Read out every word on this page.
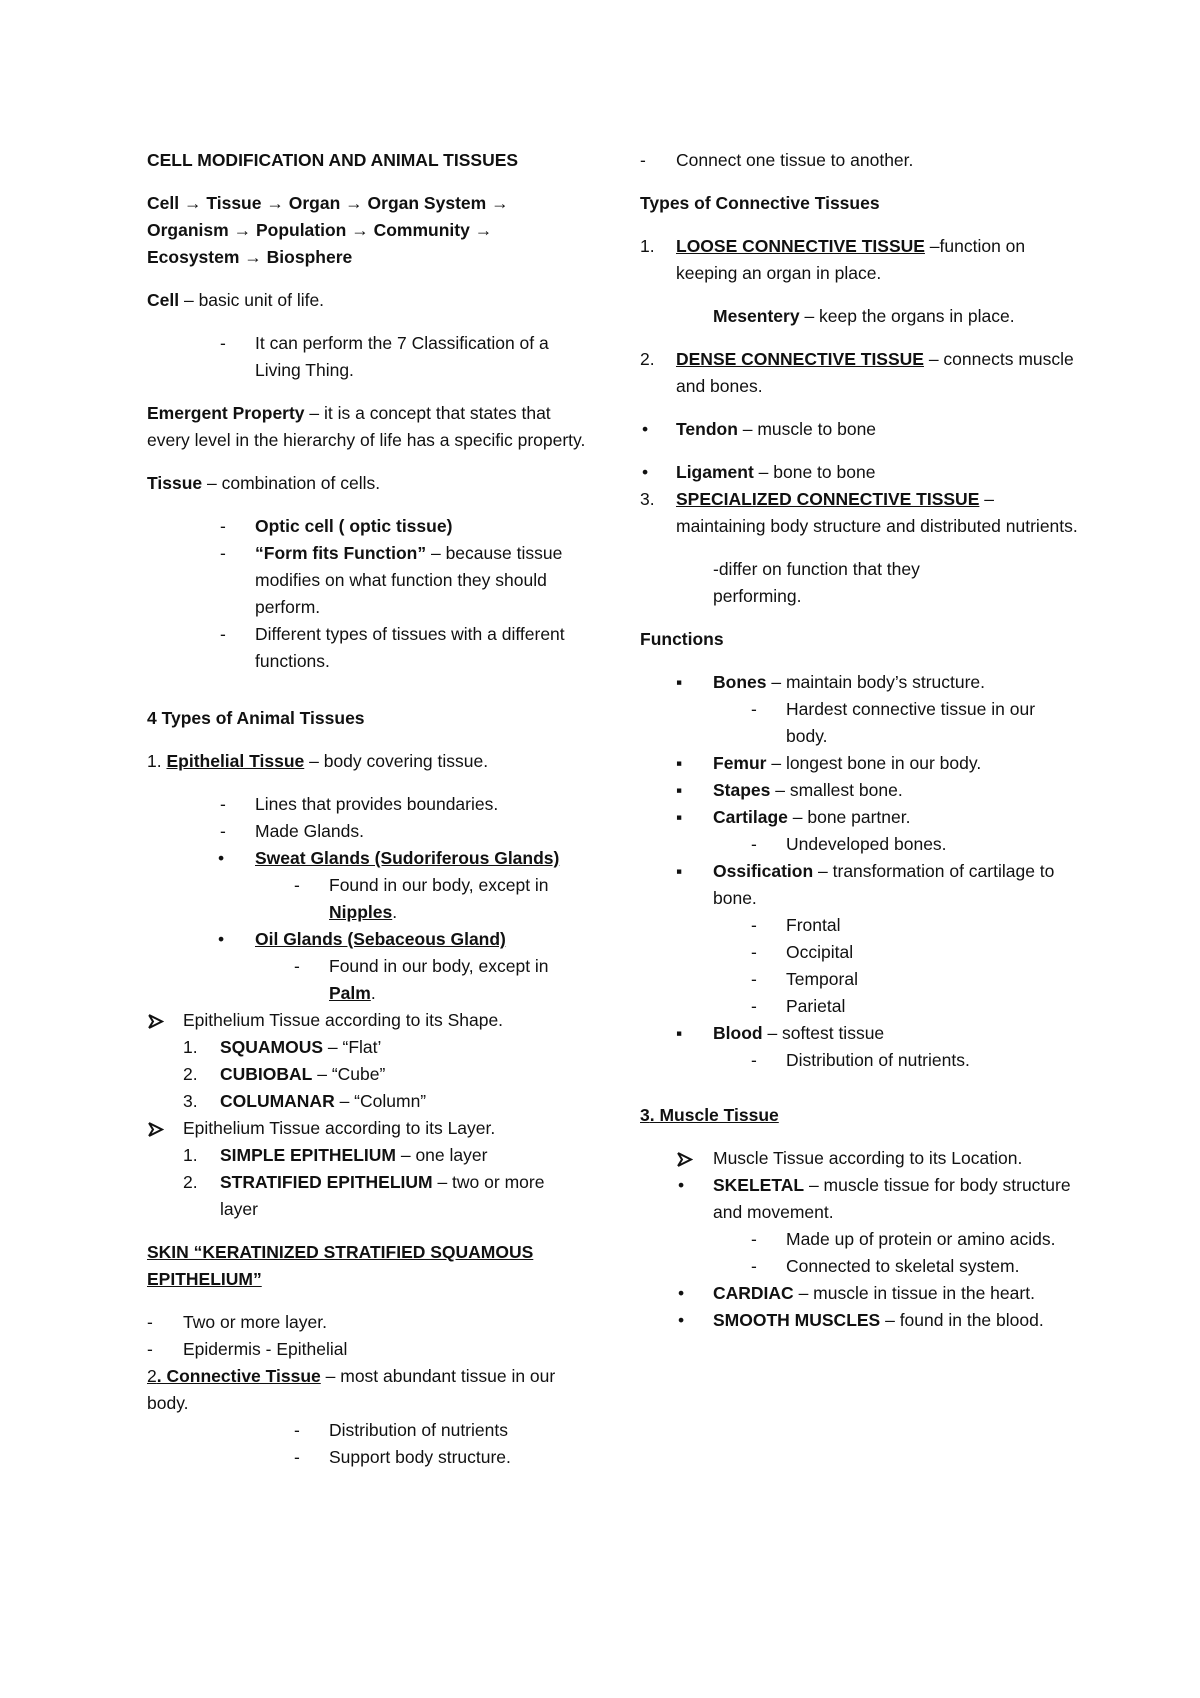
CELL MODIFICATION AND ANIMAL TISSUES

Cell → Tissue → Organ → Organ System →
Organism → Population → Community →
Ecosystem → Biosphere

Cell – basic unit of life.

- It can perform the 7 Classification of a Living Thing.

Emergent Property – it is a concept that states that every level in the hierarchy of life has a specific property.

Tissue – combination of cells.

- Optic cell ( optic tissue)
- “Form fits Function” – because tissue modifies on what function they should perform.
- Different types of tissues with a different functions.

4 Types of Animal Tissues

1. Epithelial Tissue – body covering tissue.

- Lines that provides boundaries.
- Made Glands.
• Sweat Glands (Sudoriferous Glands)
- Found in our body, except in Nipples.
• Oil Glands (Sebaceous Gland)
- Found in our body, except in Palm.
Epithelium Tissue according to its Shape.
1. SQUAMOUS – “Flat’
2. CUBIOBAL – “Cube”
3. COLUMANAR – “Column”
Epithelium Tissue according to its Layer.
1. SIMPLE EPITHELIUM – one layer
2. STRATIFIED EPITHELIUM – two or more layer

SKIN “KERATINIZED STRATIFIED SQUAMOUS EPITHELIUM”

- Two or more layer.
- Epidermis - Epithelial

2. Connective Tissue – most abundant tissue in our body.

- Distribution of nutrients
- Support body structure.
- Connect one tissue to another.

Types of Connective Tissues

1. LOOSE CONNECTIVE TISSUE –function on keeping an organ in place.

Mesentery – keep the organs in place.

2. DENSE CONNECTIVE TISSUE – connects muscle and bones.
• Tendon – muscle to bone
• Ligament – bone to bone
3. SPECIALIZED CONNECTIVE TISSUE – maintaining body structure and distributed nutrients.

-differ on function that they performing.

Functions

▪ Bones – maintain body’s structure.
- Hardest connective tissue in our body.
▪ Femur – longest bone in our body.
▪ Stapes – smallest bone.
▪ Cartilage – bone partner.
- Undeveloped bones.
▪ Ossification – transformation of cartilage to bone.
- Frontal
- Occipital
- Temporal
- Parietal
▪ Blood – softest tissue
- Distribution of nutrients.

3. Muscle Tissue

Muscle Tissue according to its Location.
• SKELETAL – muscle tissue for body structure and movement.
- Made up of protein or amino acids.
- Connected to skeletal system.
• CARDIAC – muscle in tissue in the heart.
• SMOOTH MUSCLES – found in the blood.
